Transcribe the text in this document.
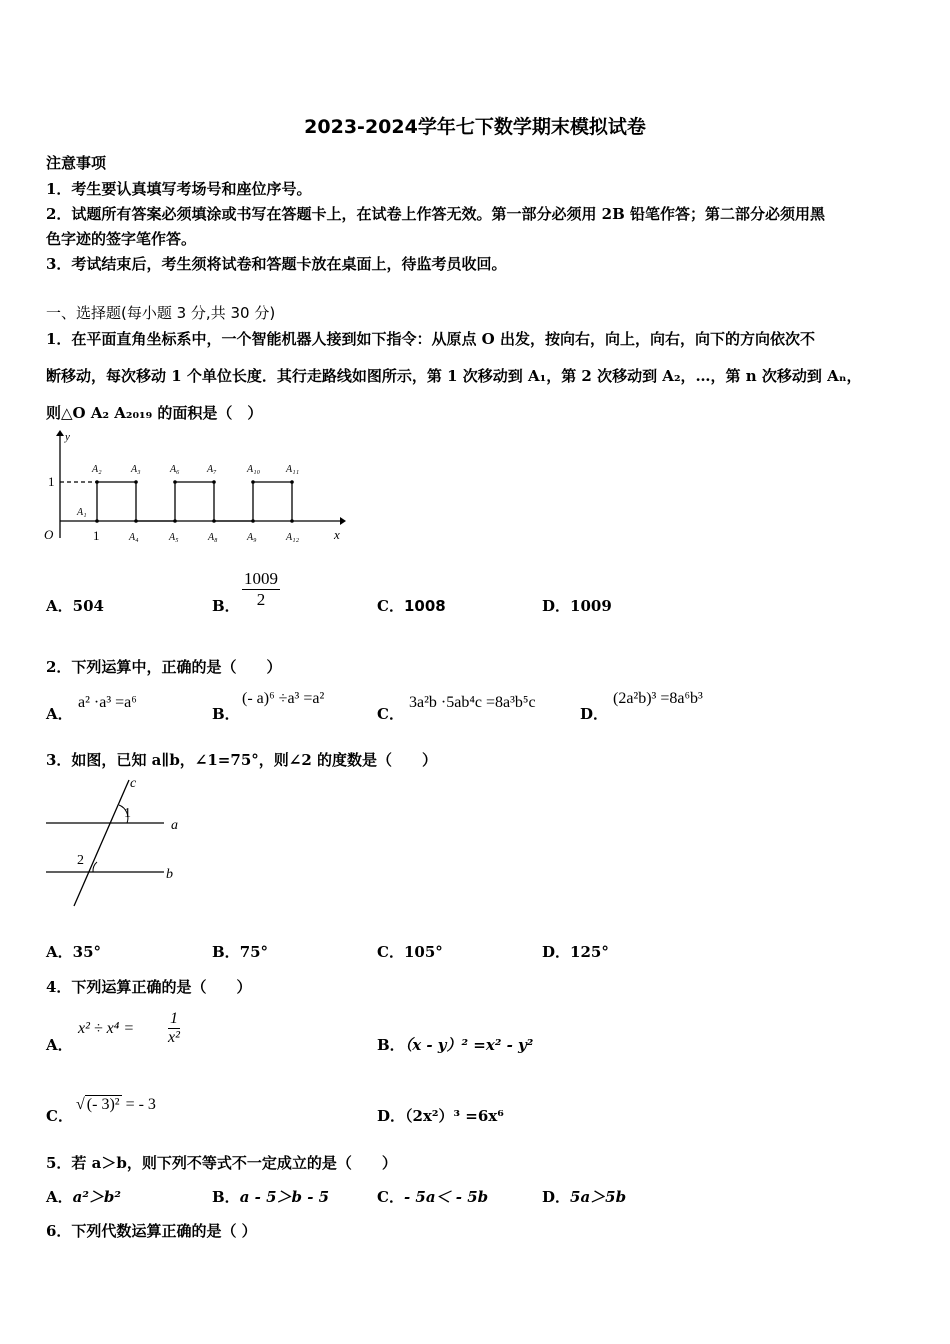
2023-2024学年七下数学期末模拟试卷
注意事项
1．考生要认真填写考场号和座位序号。
2．试题所有答案必须填涂或书写在答题卡上，在试卷上作答无效。第一部分必须用 2B 铅笔作答；第二部分必须用黑
色字迹的签字笔作答。
3．考试结束后，考生须将试卷和答题卡放在桌面上，待监考员收回。
一、选择题(每小题 3 分,共 30 分)
1．在平面直角坐标系中，一个智能机器人接到如下指令：从原点 O 出发，按向右，向上，向右，向下的方向依次不
断移动，每次移动 1 个单位长度．其行走路线如图所示，第 1 次移动到 A₁，第 2 次移动到 A₂，…，第 n 次移动到 Aₙ，
则△O A₂ A₂₀₁₉ 的面积是（　）
y
1
O	1	x
A₁
A₂	A₃	A₆	A₇	A₁₀	A₁₁
A₄	A₅	A₈	A₉	A₁₂
A．504	B． $\frac{1009}{2}$	C．1008	D．1009
2．下列运算中，正确的是（　　）
A．
a² ·a³ =a⁶
B．
(- a)⁶ ÷a³ =a²
C．
3a²b ·5ab⁴c =8a³b⁵c
D．
(2a²b)³ =8a⁶b³
3．如图，已知 a∥b，∠1=75°，则∠2 的度数是（　　）
c
1
a
2
b
A．35°	B．75°	C．105°	D．125°
4．下列运算正确的是（　　）
A．
$x^2 \div x^4 = \frac{1}{\text{x²}}$	B．（x - y）² =x² - y²
C．
√ (- 3)² = - 3
D．（2x²）³ =6x⁶
5．若 a＞b，则下列不等式不一定成立的是（　　）
A．a²＞b²	B．a - 5＞b - 5	C．- 5a＜ - 5b	D．5a＞5b
6．下列代数运算正确的是（ ）
